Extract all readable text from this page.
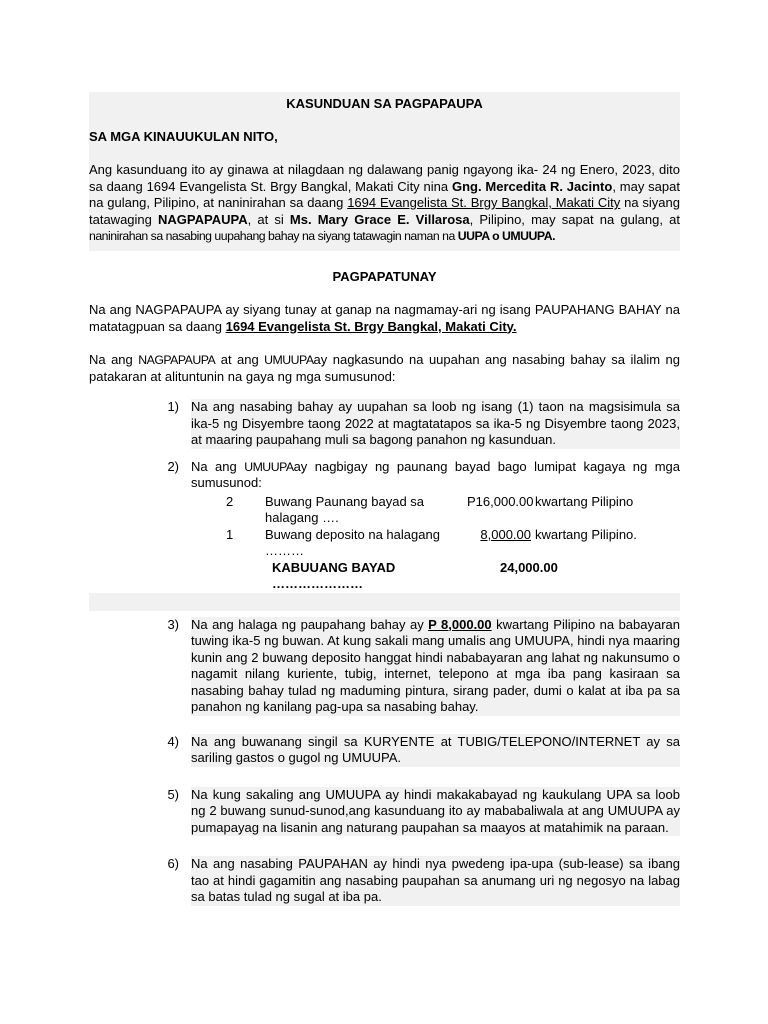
KASUNDUAN SA PAGPAPAUPA
SA MGA KINAUUKULAN NITO,
Ang kasunduang ito ay ginawa at nilagdaan ng dalawang panig ngayong ika- 24 ng Enero, 2023, dito sa daang 1694 Evangelista St. Brgy Bangkal, Makati City nina Gng. Mercedita R. Jacinto, may sapat na gulang, Pilipino, at naninirahan sa daang 1694 Evangelista St. Brgy Bangkal, Makati City na siyang tatawaging NAGPAPAUPA, at si Ms. Mary Grace E. Villarosa, Pilipino, may sapat na gulang, at naninirahan sa nasabing uupahang bahay na siyang tatawagin naman na UUPA o UMUUPA.
PAGPAPATUNAY
Na ang NAGPAPAUPA ay siyang tunay at ganap na nagmamay-ari ng isang PAUPAHANG BAHAY na matatagpuan sa daang 1694 Evangelista St. Brgy Bangkal, Makati City.
Na ang NAGPAPAUPA at ang UMUUPAay nagkasundo na uupahan ang nasabing bahay sa ilalim ng patakaran at alituntunin na gaya ng mga sumusunod:
1) Na ang nasabing bahay ay uupahan sa loob ng isang (1) taon na magsisimula sa ika-5 ng Disyembre taong 2022 at magtatatapos sa ika-5 ng Disyembre taong 2023, at maaring paupahang muli sa bagong panahon ng kasunduan.
2) Na ang UMUUPAay nagbigay ng paunang bayad bago lumipat kagaya ng mga sumusunod:
2	Buwang Paunang bayad sa halagang ….
P16,000.00 kwartang Pilipino
1	Buwang deposito na halagang ………
8,000.00 kwartang Pilipino.
KABUUANG BAYAD …………………
24,000.00
3) Na ang halaga ng paupahang bahay ay P 8,000.00 kwartang Pilipino na babayaran tuwing ika-5 ng buwan. At kung sakali mang umalis ang UMUUPA, hindi nya maaring kunin ang 2 buwang deposito hanggat hindi nababayaran ang lahat ng nakunsumo o nagamit nilang kuriente, tubig, internet, telepono at mga iba pang kasiraan sa nasabing bahay tulad ng maduming pintura, sirang pader, dumi o kalat at iba pa sa panahon ng kanilang pag-upa sa nasabing bahay.
4) Na ang buwanang singil sa KURYENTE at TUBIG/TELEPONO/INTERNET ay sa sariling gastos o gugol ng UMUUPA.
5) Na kung sakaling ang UMUUPA ay hindi makakabayad ng kaukulang UPA sa loob ng 2 buwang sunud-sunod,ang kasunduang ito ay mababaliwala at ang UMUUPA ay pumapayag na lisanin ang naturang paupahan sa maayos at matahimik na paraan.
6) Na ang nasabing PAUPAHAN ay hindi nya pwedeng ipa-upa (sub-lease) sa ibang tao at hindi gagamitin ang nasabing paupahan sa anumang uri ng negosyo na labag sa batas tulad ng sugal at iba pa.
